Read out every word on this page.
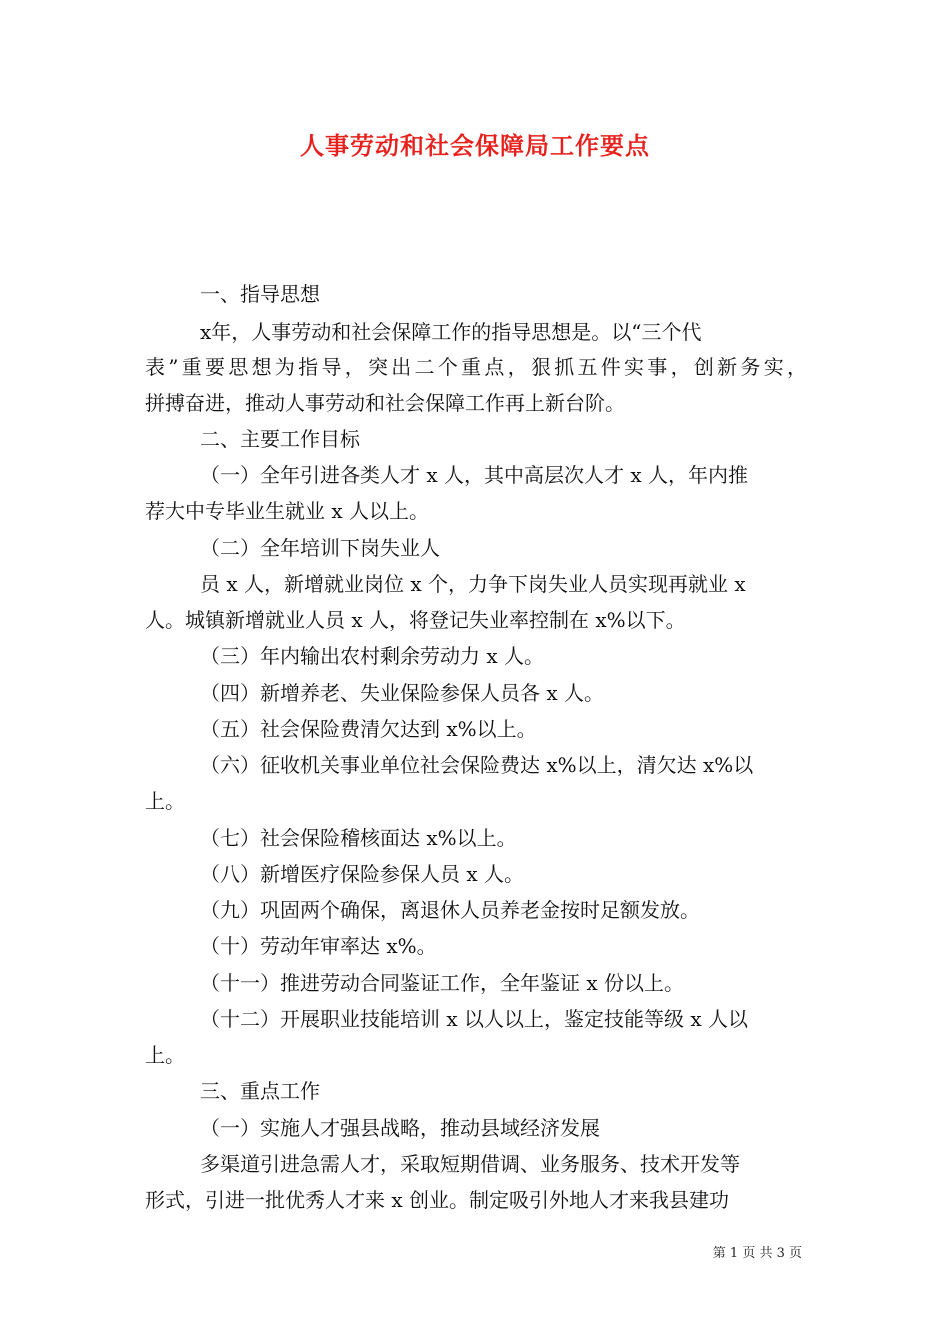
人事劳动和社会保障局工作要点
一、指导思想
x年，人事劳动和社会保障工作的指导思想是。以“三个代
表”重要思想为指导，突出二个重点，狠抓五件实事，创新务实，
拼搏奋进，推动人事劳动和社会保障工作再上新台阶。
二、主要工作目标
（一）全年引进各类人才 x 人，其中高层次人才 x 人，年内推
荐大中专毕业生就业 x 人以上。
（二）全年培训下岗失业人
员 x 人，新增就业岗位 x 个，力争下岗失业人员实现再就业 x
人。城镇新增就业人员 x 人，将登记失业率控制在 x%以下。
（三）年内输出农村剩余劳动力 x 人。
（四）新增养老、失业保险参保人员各 x 人。
（五）社会保险费清欠达到 x%以上。
（六）征收机关事业单位社会保险费达 x%以上，清欠达 x%以
上。
（七）社会保险稽核面达 x%以上。
（八）新增医疗保险参保人员 x 人。
（九）巩固两个确保，离退休人员养老金按时足额发放。
（十）劳动年审率达 x%。
（十一）推进劳动合同鉴证工作，全年鉴证 x 份以上。
（十二）开展职业技能培训 x 以人以上，鉴定技能等级 x 人以
上。
三、重点工作
（一）实施人才强县战略，推动县域经济发展
多渠道引进急需人才，采取短期借调、业务服务、技术开发等
形式，引进一批优秀人才来 x 创业。制定吸引外地人才来我县建功
第 1 页 共 3 页
